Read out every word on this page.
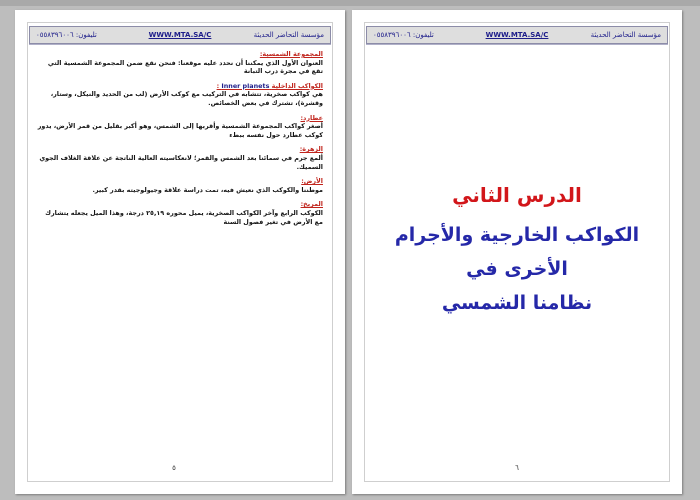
مؤسسة التحاضر الحديثة
WWW.MTA.SA/C
تليفون: ٠٥٥٨٣٩٦٠٠٦
المجموعة الشمسية:
العنوان الأول الذي يمكننا أن نحدد عليه موقعنا: فنحن نقع ضمن المجموعة الشمسية التي تقع في مجرة درب التبانة
الكواكب الداخلية Inner planets :
هي كواكب صخرية، تتشابه في التركيب مع كوكب الأرض (لب من الحديد والنيكل، وستار، وقشرة)، تشترك في بعض الخصائص.
عطارد:
أصغر كواكب المجموعة الشمسية وأقربها إلى الشمس، وهو أكبر بقليل من قمر الأرض، يدور كوكب عطارد حول نفسه ببطء
الزهرة:
ألمع جرم في سمائنا بعد الشمس والقمر؛ لانعكاسيته العالية الناتجة عن علاقة الغلاف الجوي السميك.
الأرض:
موطننا والكوكب الذي نعيش فيه، تمت دراسة علاقة وجيولوجيته بقدر كبير.
المريخ:
الكوكب الرابع وآخر الكواكب الصخرية، يميل محوره ٢٥,١٩ درجة، وهذا الميل يجعله يتشارك مع الأرض في تغير فصول السنة
٥
مؤسسة التحاضر الحديثة
WWW.MTA.SA/C
تليفون: ٠٥٥٨٣٩٦٠٠٦
الدرس الثاني
الكواكب الخارجية والأجرام الأخرى في
نظامنا الشمسي
٦
